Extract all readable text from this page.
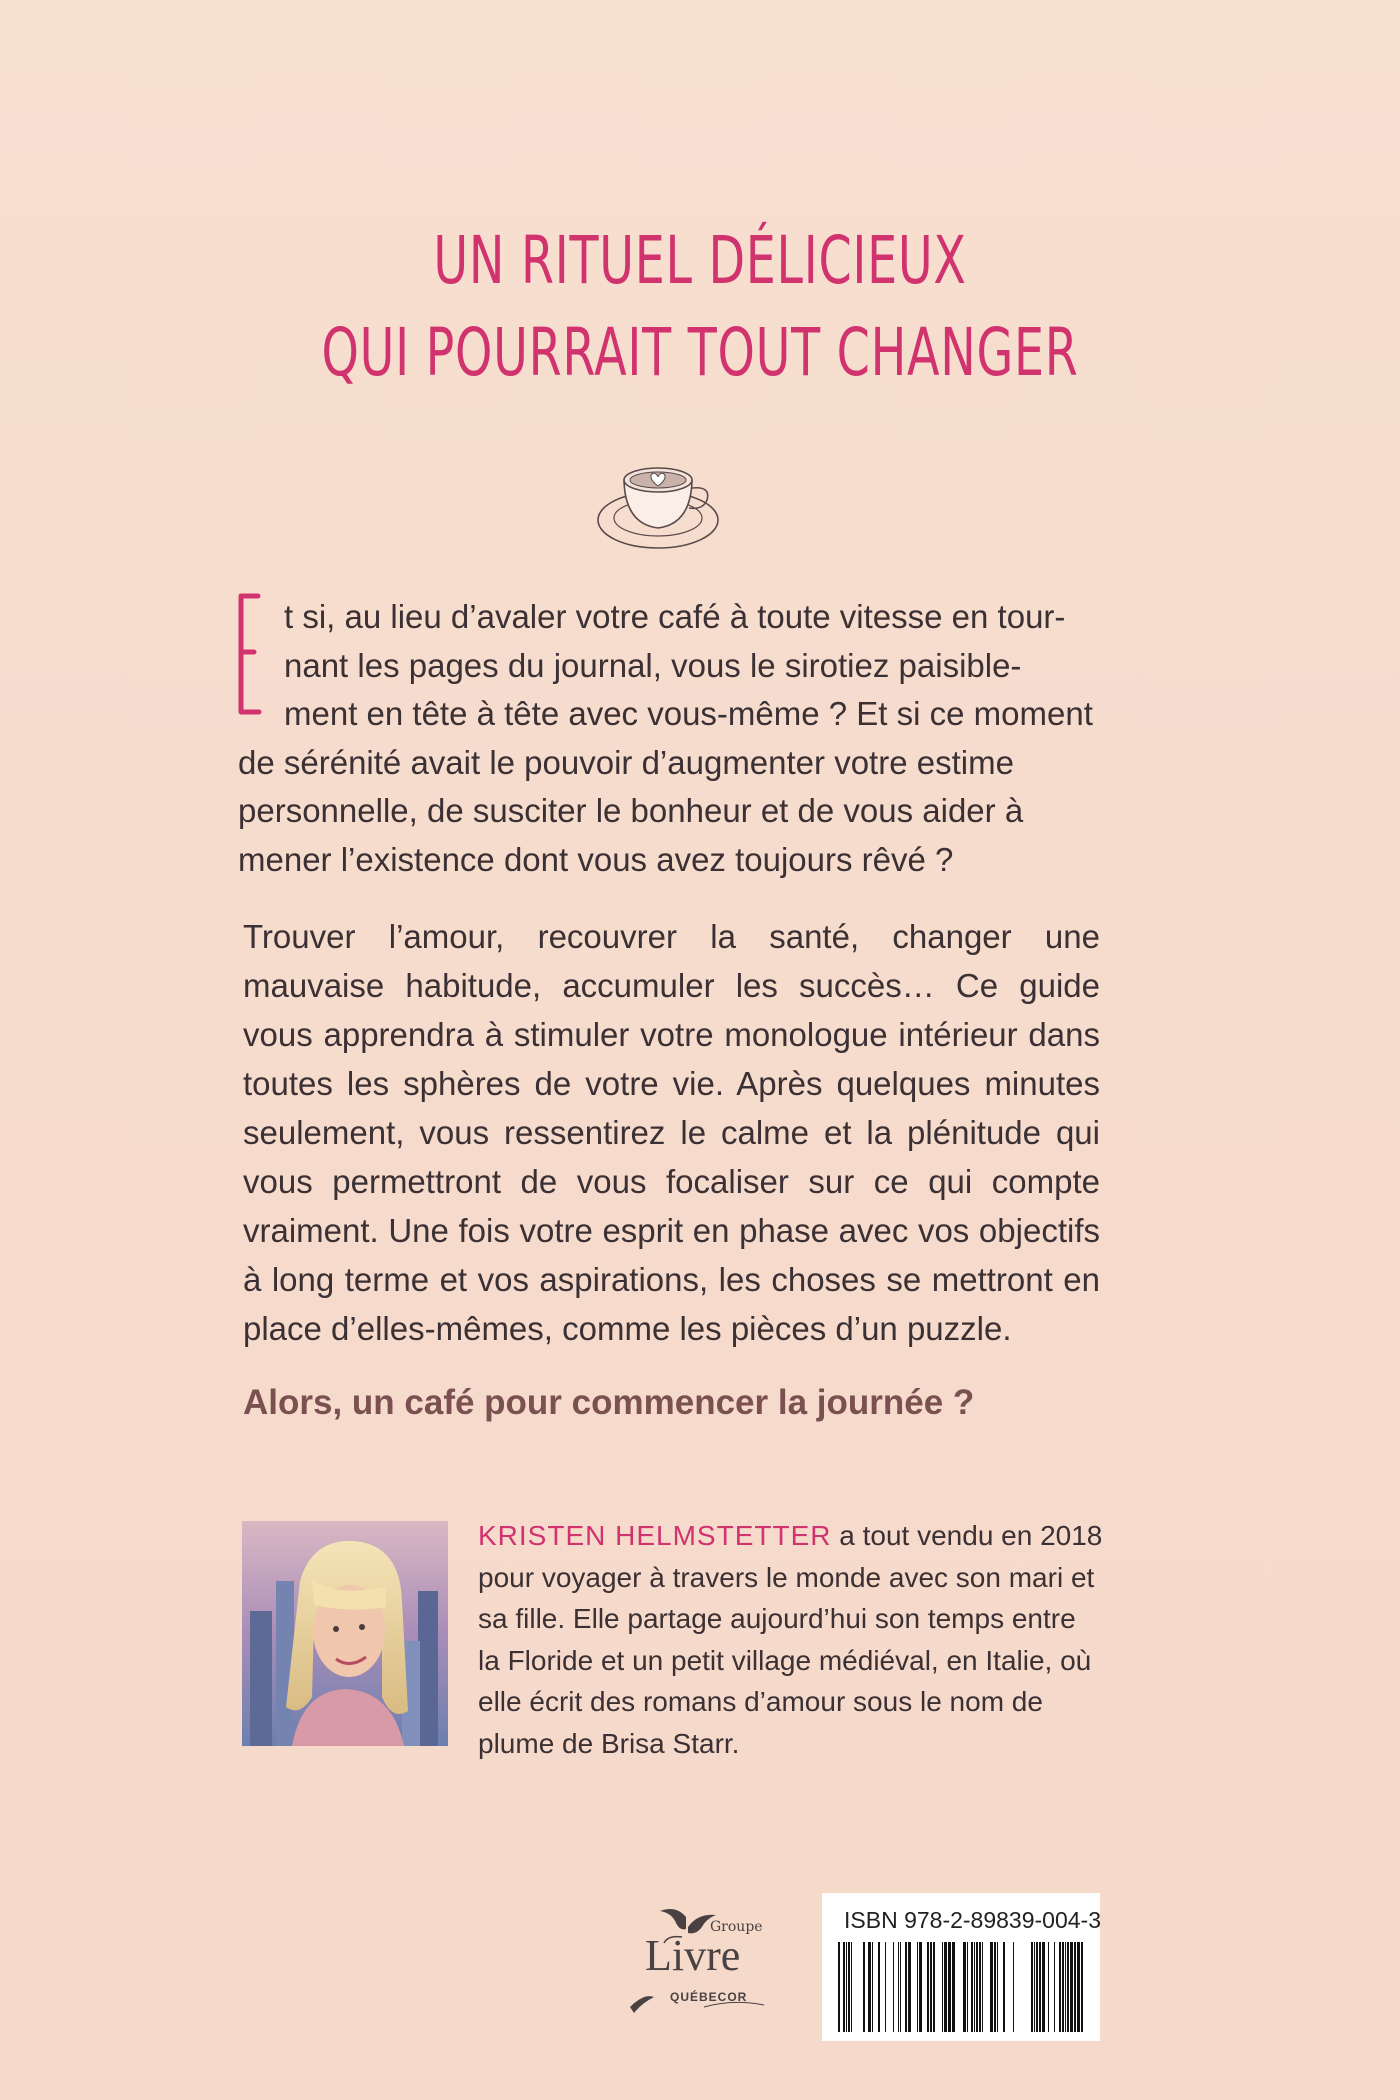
UN RITUEL DÉLICIEUX
QUI POURRAIT TOUT CHANGER

t si, au lieu d’avaler votre café à toute vitesse en tour-

nant les pages du journal, vous le sirotiez paisible-

ment en tête à tête avec vous-même ? Et si ce moment

de sérénité avait le pouvoir d’augmenter votre estime

personnelle, de susciter le bonheur et de vous aider à

mener l’existence dont vous avez toujours rêvé ?

Trouver l’amour, recouvrer la santé, changer une mauvaise habitude, accumuler les succès… Ce guide vous apprendra à stimuler votre monologue intérieur dans toutes les sphères de votre vie. Après quelques minutes seulement, vous ressentirez le calme et la plénitude qui vous permettront de vous focaliser sur ce qui compte vraiment. Une fois votre esprit en phase avec vos objectifs à long terme et vos aspirations, les choses se mettront en place d’elles-mêmes, comme les pièces d’un puzzle.

Alors, un café pour commencer la journée ?

KRISTEN HELMSTETTER a tout vendu en 2018 pour voyager à travers le monde avec son mari et sa fille. Elle partage aujourd’hui son temps entre la Floride et un petit village médiéval, en Italie, où elle écrit des romans d’amour sous le nom de plume de Brisa Starr.

Groupe
Livre
QUÉBECOR
ISBN 978-2-89839-004-3
